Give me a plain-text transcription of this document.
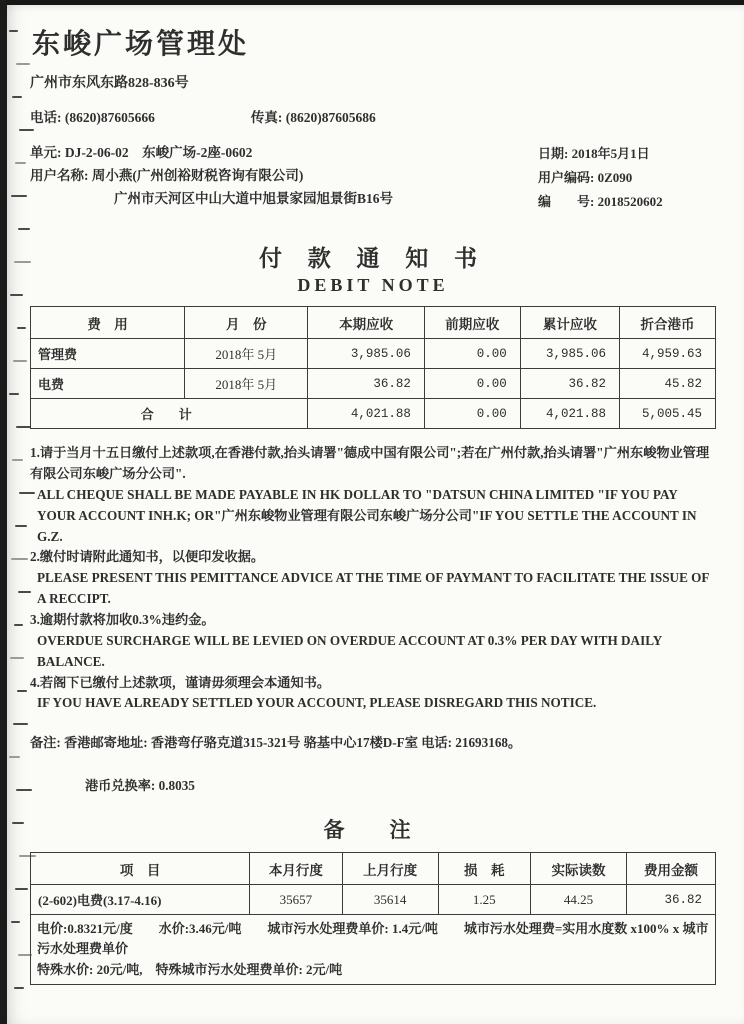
东峻广场管理处
广州市东风东路828-836号
电话: (8620)87605666	传真: (8620)87605686
单元: DJ-2-06-02　东峻广场-2座-0602
用户名称: 周小燕(广州创裕财税咨询有限公司)
广州市天河区中山大道中旭景家园旭景街B16号
日期: 2018年5月1日
用户编码: 0Z090
编　　号: 2018520602
付 款 通 知 书
DEBIT NOTE
费　用	月　份	本期应收	前期应收	累计应收	折合港币
管理费	2018年 5月	3,985.06	0.00	3,985.06	4,959.63
电费	2018年 5月	36.82	0.00	36.82	45.82
合　计		4,021.88	0.00	4,021.88	5,005.45
1.请于当月十五日缴付上述款项,在香港付款,抬头请署"德成中国有限公司";若在广州付款,抬头请署"广州东峻物业管理有限公司东峻广场分公司".
ALL CHEQUE SHALL BE MADE PAYABLE IN HK DOLLAR TO "DATSUN CHINA LIMITED "IF YOU PAY YOUR ACCOUNT INH.K; OR"广州东峻物业管理有限公司东峻广场分公司"IF YOU SETTLE THE ACCOUNT IN G.Z.
2.缴付时请附此通知书，以便印发收据。
PLEASE PRESENT THIS PEMITTANCE ADVICE AT THE TIME OF PAYMANT TO FACILITATE THE ISSUE OF A RECCIPT.
3.逾期付款将加收0.3%违约金。
OVERDUE SURCHARGE WILL BE LEVIED ON OVERDUE ACCOUNT AT 0.3% PER DAY WITH DAILY BALANCE.
4.若阁下已缴付上述款项，谨请毋须理会本通知书。
IF YOU HAVE ALREADY SETTLED YOUR ACCOUNT, PLEASE DISREGARD THIS NOTICE.
备注: 香港邮寄地址: 香港弯仔骆克道315-321号 骆基中心17楼D-F室 电话: 21693168。
港币兑换率: 0.8035
备　注
项　目	本月行度	上月行度	损　耗	实际读数	费用金额
(2-602)电费(3.17-4.16)	35657	35614	1.25	44.25	36.82

电价:0.8321元/度　　水价:3.46元/吨　　城市污水处理费单价: 1.4元/吨　　城市污水处理费=实用水度数 x100% x 城市污水处理费单价
特殊水价: 20元/吨,　特殊城市污水处理费单价: 2元/吨					
